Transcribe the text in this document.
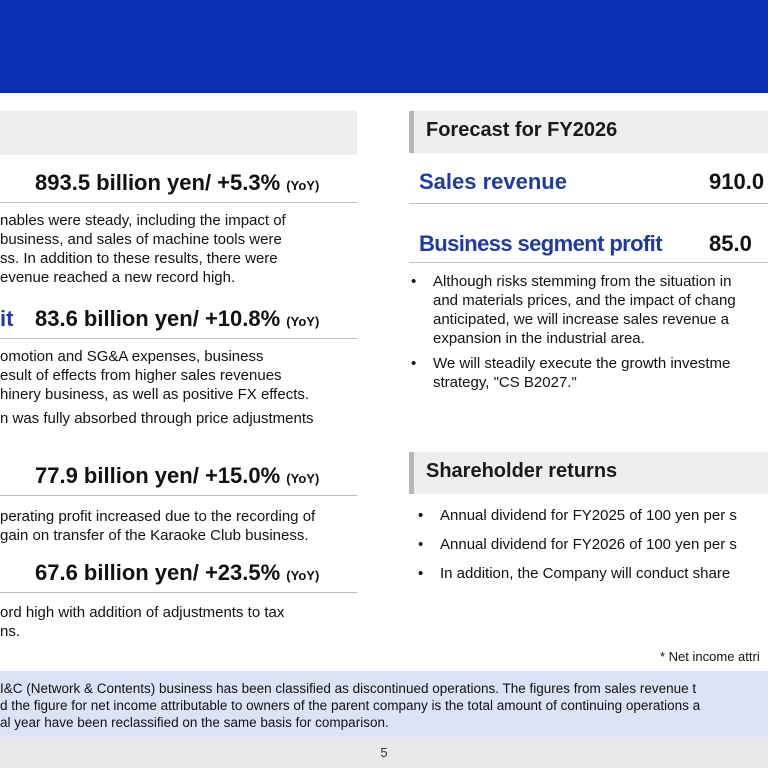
893.5 billion yen/ +5.3% (YoY)
nables were steady, including the impact of
business, and sales of machine tools were
ss. In addition to these results, there were
evenue reached a new record high.
it 83.6 billion yen/ +10.8% (YoY)
omotion and SG&A expenses, business
esult of effects from higher sales revenues
hinery business, as well as positive FX effects.
n was fully absorbed through price adjustments
77.9 billion yen/ +15.0% (YoY)
perating profit increased due to the recording of
gain on transfer of the Karaoke Club business.
67.6 billion yen/ +23.5% (YoY)
ord high with addition of adjustments to tax
ns.
Forecast for FY2026
Sales revenue	910.0
Business segment profit 85.0
• Although risks stemming from the situation in
and materials prices, and the impact of chang
anticipated, we will increase sales revenue a
expansion in the industrial area.
• We will steadily execute the growth investme
strategy, "CS B2027."
Shareholder returns
• Annual dividend for FY2025 of 100 yen per s
• Annual dividend for FY2026 of 100 yen per s
• In addition, the Company will conduct share
* Net income attri
I&C (Network & Contents) business has been classified as discontinued operations. The figures from sales revenue t
d the figure for net income attributable to owners of the parent company is the total amount of continuing operations a
al year have been reclassified on the same basis for comparison.
5
